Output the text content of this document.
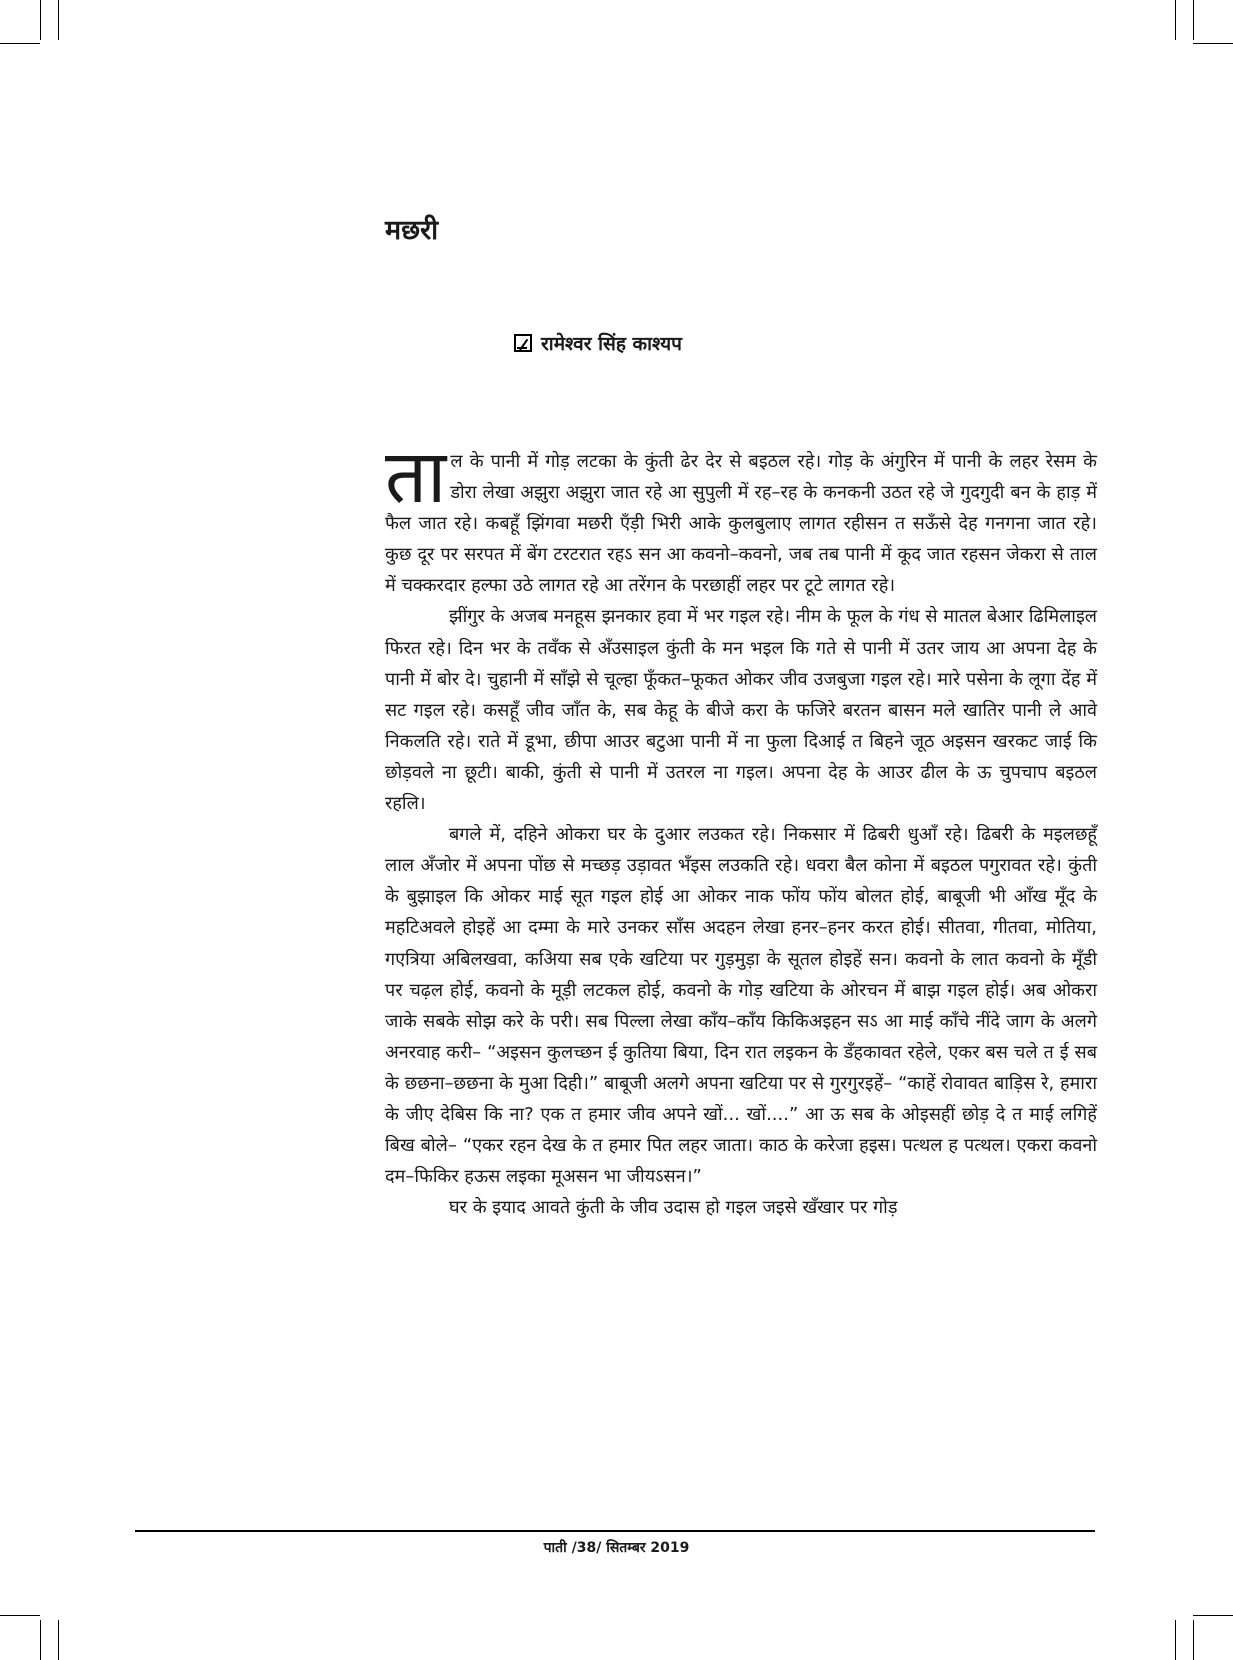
मछरी
रामेश्वर सिंह काश्यप

ताल के पानी में गोड़ लटका के कुंती ढेर देर से बइठल रहे। गोड़ के अंगुरिन में पानी के लहर रेसम के डोरा लेखा अझुरा अझुरा जात रहे आ सुपुली में रह–रह के कनकनी उठत रहे जे गुदगुदी बन के हाड़ में फैल जात रहे। कबहूँ झिंगवा मछरी एँड़ी भिरी आके कुलबुलाए लागत रहीसन त सऊँसे देह गनगना जात रहे। कुछ दूर पर सरपत में बेंग टरटरात रहऽ सन आ कवनो–कवनो, जब तब पानी में कूद जात रहसन जेकरा से ताल में चक्करदार हल्फा उठे लागत रहे आ तरेंगन के परछाहीं लहर पर टूटे लागत रहे।

झींगुर के अजब मनहूस झनकार हवा में भर गइल रहे। नीम के फूल के गंध से मातल बेआर ढिमिलाइल फिरत रहे। दिन भर के तवँक से अँउसाइल कुंती के मन भइल कि गते से पानी में उतर जाय आ अपना देह के पानी में बोर दे। चुहानी में साँझे से चूल्हा फूँकत–फूकत ओकर जीव उजबुजा गइल रहे। मारे पसेना के लूगा देंह में सट गइल रहे। कसहूँ जीव जाँत के, सब केहू के बीजे करा के फजिरे बरतन बासन मले खातिर पानी ले आवे निकलति रहे। राते में डूभा, छीपा आउर बटुआ पानी में ना फुला दिआई त बिहने जूठ अइसन खरकट जाई कि छोड़वले ना छूटी। बाकी, कुंती से पानी में उतरल ना गइल। अपना देह के आउर ढील के ऊ चुपचाप बइठल रहलि।

बगले में, दहिने ओकरा घर के दुआर लउकत रहे। निकसार में ढिबरी धुआँ रहे। ढिबरी के मइलछहूँ लाल अँजोर में अपना पोंछ से मच्छड़ उड़ावत भँइस लउकति रहे। धवरा बैल कोना में बइठल पगुरावत रहे। कुंती के बुझाइल कि ओकर माई सूत गइल होई आ ओकर नाक फोंय फोंय बोलत होई, बाबूजी भी आँख मूँद के महटिअवले होइहें आ दम्मा के मारे उनकर साँस अदहन लेखा हनर–हनर करत होई। सीतवा, गीतवा, मोतिया, गएत्रिया अबिलखवा, कअिया सब एके खटिया पर गुड़मुड़ा के सूतल होइहें सन। कवनो के लात कवनो के मूँडी पर चढ़ल होई, कवनो के मूड़ी लटकल होई, कवनो के गोड़ खटिया के ओरचन में बाझ गइल होई। अब ओकरा जाके सबके सोझ करे के परी। सब पिल्ला लेखा काँय–काँय किकिअइहन सऽ आ माई काँचे नींदे जाग के अलगे अनरवाह करी– “अइसन कुलच्छन ई कुतिया बिया, दिन रात लइकन के डँहकावत रहेले, एकर बस चले त ई सब के छछना–छछना के मुआ दिही।” बाबूजी अलगे अपना खटिया पर से गुरगुरइहें– “काहें रोवावत बाड़िस रे, हमारा के जीए देबिस कि ना? एक त हमार जीव अपने खों... खों....” आ ऊ सब के ओइसहीं छोड़ दे त माई लगिहें बिख बोले– “एकर रहन देख के त हमार पित लहर जाता। काठ के करेजा हइस। पत्थल ह पत्थल। एकरा कवनो दम–फिकिर हऊस लइका मूअसन भा जीयऽसन।”

घर के इयाद आवते कुंती के जीव उदास हो गइल जइसे खँखार पर गोड़

पाती /38/ सितम्बर 2019
